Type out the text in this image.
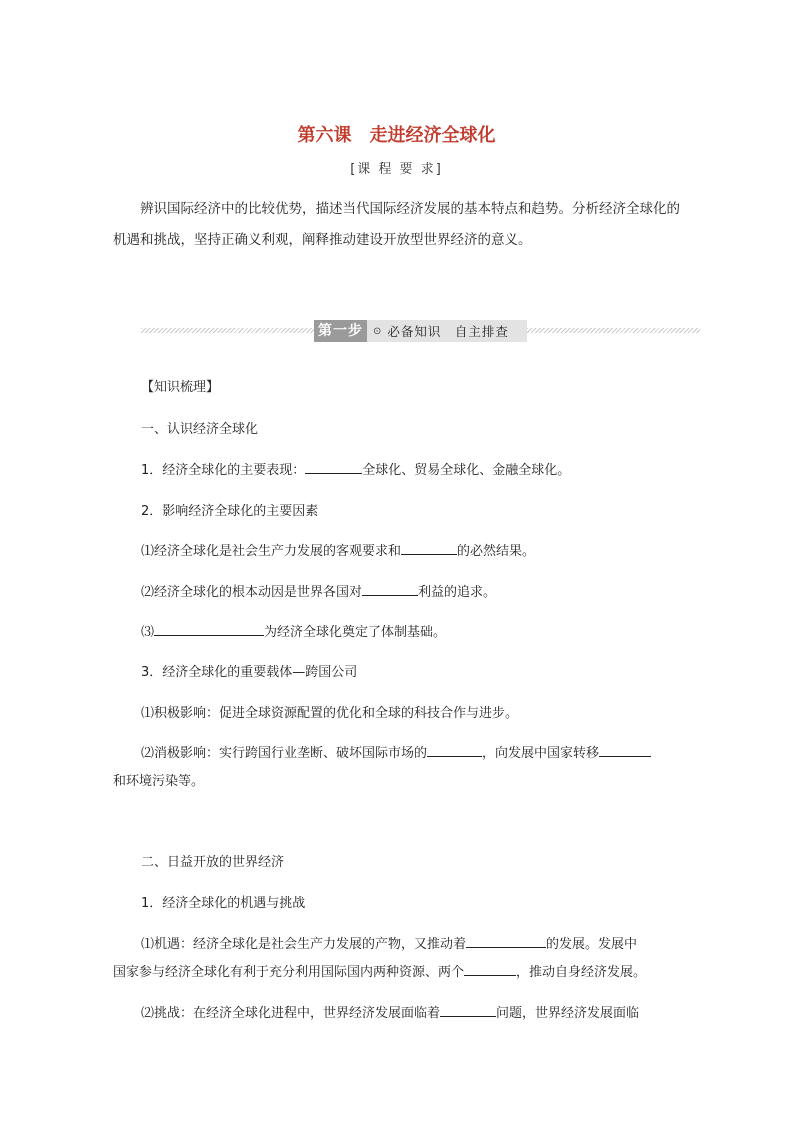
第六课　走进经济全球化
[课 程 要 求]
辨识国际经济中的比较优势，描述当代国际经济发展的基本特点和趋势。分析经济全球化的机遇和挑战，坚持正确义利观，阐释推动建设开放型世界经济的意义。
第一步	⊙ 必备知识　自主排查
【知识梳理】
一、认识经济全球化
1．经济全球化的主要表现：	全球化、贸易全球化、金融全球化。
2．影响经济全球化的主要因素
⑴经济全球化是社会生产力发展的客观要求和	的必然结果。
⑵经济全球化的根本动因是世界各国对	利益的追求。
⑶	为经济全球化奠定了体制基础。
3．经济全球化的重要载体—跨国公司
⑴积极影响：促进全球资源配置的优化和全球的科技合作与进步。
⑵消极影响：实行跨国行业垄断、破坏国际市场的	，向发展中国家转移
和环境污染等。
二、日益开放的世界经济
1．经济全球化的机遇与挑战
⑴机遇：经济全球化是社会生产力发展的产物，又推动着	的发展。发展中
国家参与经济全球化有利于充分利用国际国内两种资源、两个	，推动自身经济发展。
⑵挑战：在经济全球化进程中，世界经济发展面临着	问题，世界经济发展面临
